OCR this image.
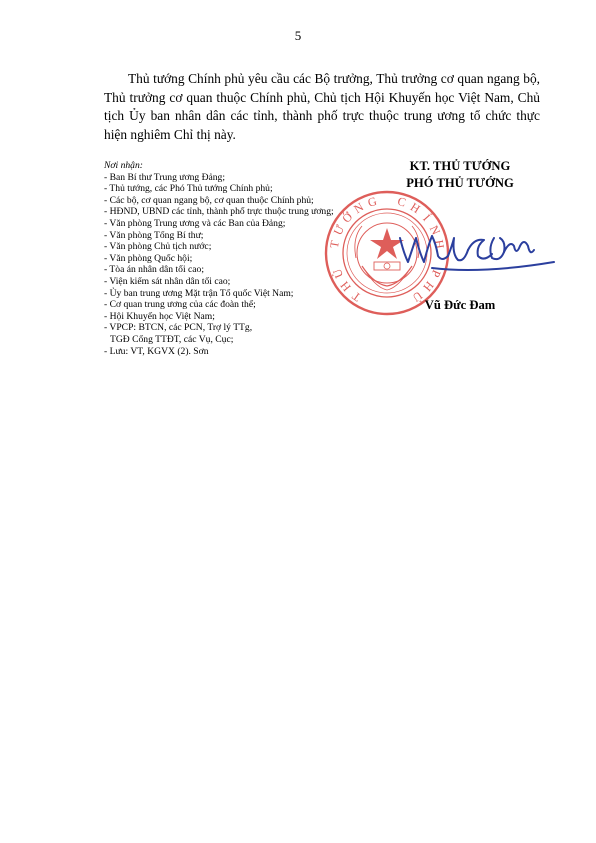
5

Thủ tướng Chính phủ yêu cầu các Bộ trưởng, Thủ trưởng cơ quan ngang bộ, Thủ trưởng cơ quan thuộc Chính phủ, Chủ tịch Hội Khuyến học Việt Nam, Chủ tịch Ủy ban nhân dân các tỉnh, thành phố trực thuộc trung ương tổ chức thực hiện nghiêm Chỉ thị này.

Nơi nhận:
- Ban Bí thư Trung ương Đảng;
- Thủ tướng, các Phó Thủ tướng Chính phủ;
- Các bộ, cơ quan ngang bộ, cơ quan thuộc Chính phủ;
- HĐND, UBND các tỉnh, thành phố trực thuộc trung ương;
- Văn phòng Trung ương và các Ban của Đảng;
- Văn phòng Tổng Bí thư;
- Văn phòng Chủ tịch nước;
- Văn phòng Quốc hội;
- Tòa án nhân dân tối cao;
- Viện kiểm sát nhân dân tối cao;
- Ủy ban trung ương Mặt trận Tổ quốc Việt Nam;
- Cơ quan trung ương của các đoàn thể;
- Hội Khuyến học Việt Nam;
- VPCP: BTCN, các PCN, Trợ lý TTg,
TGĐ Cổng TTĐT, các Vụ, Cục;
- Lưu: VT, KGVX (2). Sơn
T
H
Ủ
T
Ư
Ớ
N G C H
Í
N
H
P
H
Ủ
KT. THỦ TƯỚNG
PHÓ THỦ TƯỚNG
Vũ Đức Đam
